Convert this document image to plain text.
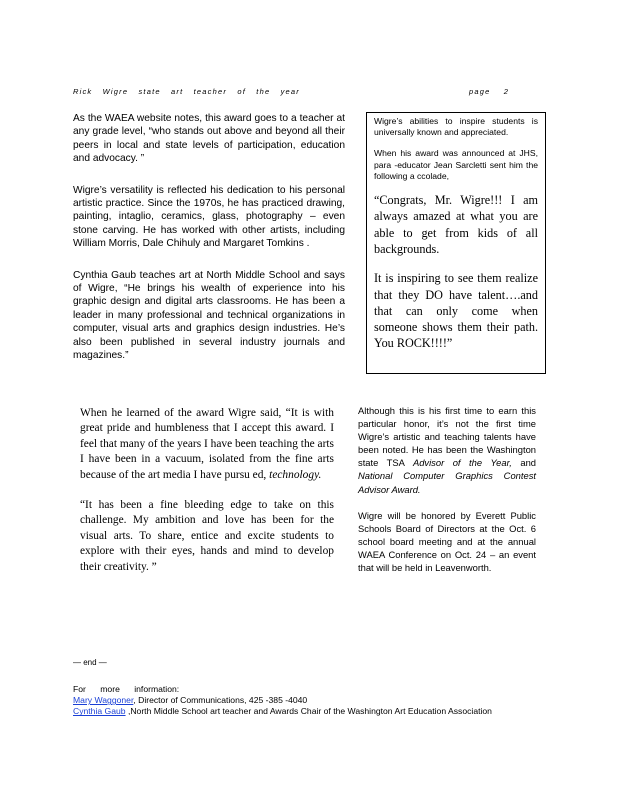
Rick Wigre state art teacher of the year	page 2

As the WAEA website notes, this award goes to a teacher at any grade level, “who stands out above and beyond all their peers in local and state levels of participation, education and advocacy. ”

Wigre’s versatility is reflected his dedication to his personal artistic practice. Since the 1970s, he has practiced drawing, painting, intaglio, ceramics, glass, photography – even stone carving. He has worked with other artists, including William Morris, Dale Chihuly and Margaret Tomkins .

Cynthia Gaub teaches art at North Middle School and says of Wigre, “He brings his wealth of experience into his graphic design and digital arts classrooms. He has been a leader in many professional and technical organizations in computer, visual arts and graphics design industries. He’s also been published in several industry journals and magazines.”

Wigre’s abilities to inspire students is universally known and appreciated.

When his award was announced at JHS, para -educator Jean Sarcletti sent him the following a ccolade,

“Congrats, Mr. Wigre!!! I am always amazed at what you are able to get from kids of all backgrounds.

It is inspiring to see them realize that they DO have talent….and that can only come when someone shows them their path. You ROCK!!!!”

When he learned of the award Wigre said, “It is with great pride and humbleness that I accept this award. I feel that many of the years I have been teaching the arts I have been in a vacuum, isolated from the fine arts because of the art media I have pursu ed, technology.

“It has been a fine bleeding edge to take on this challenge. My ambition and love has been for the visual arts. To share, entice and excite students to explore with their eyes, hands and mind to develop their creativity. ”

Although this is his first time to earn this particular honor, it’s not the first time Wigre’s artistic and teaching talents have been noted. He has been the Washington state TSA Advisor of the Year, and National Computer Graphics Contest Advisor Award.

Wigre will be honored by Everett Public Schools Board of Directors at the Oct. 6 school board meeting and at the annual WAEA Conference on Oct. 24 – an event that will be held in Leavenworth.

— end —
For more information:
Mary Waggoner, Director of Communications, 425 -385 -4040
Cynthia Gaub ,North Middle School art teacher and Awards Chair of the Washington Art Education Association
